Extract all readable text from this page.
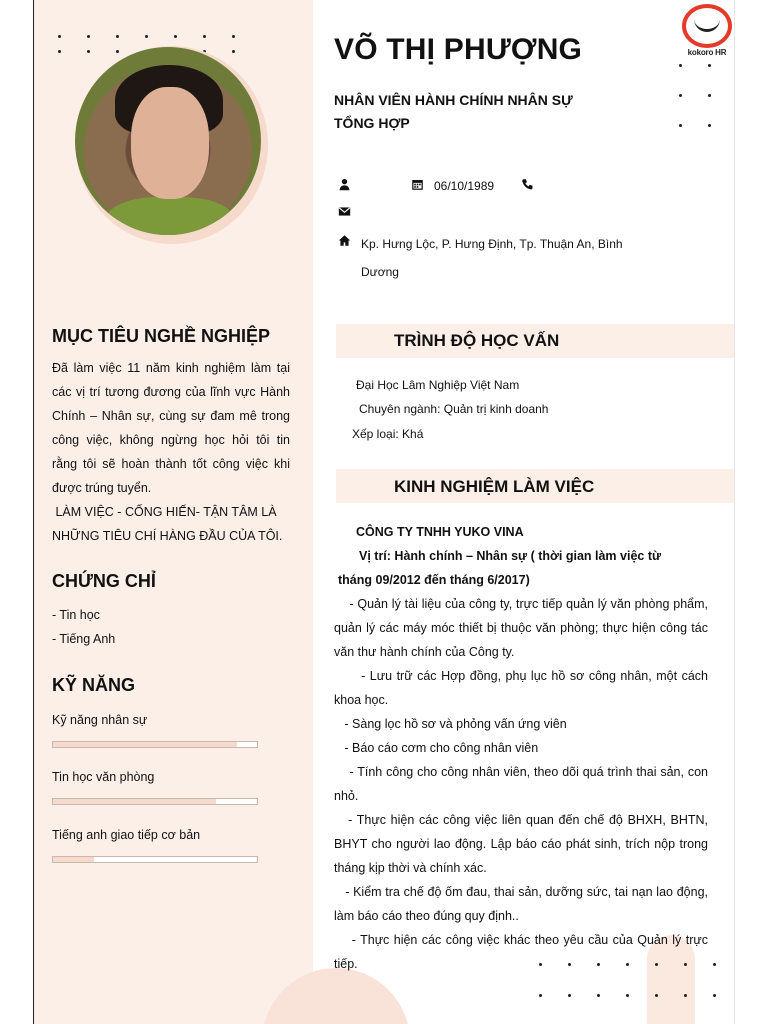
kokoro HR
VÕ THỊ PHƯỢNG
NHÂN VIÊN HÀNH CHÍNH NHÂN SỰ
TỔNG HỢP
06/10/1989
Kp. Hưng Lộc, P. Hưng Định, Tp. Thuận An, Bình
Dương
MỤC TIÊU NGHỀ NGHIỆP

Đã làm việc 11 năm kinh nghiệm làm tại các vị trí tương đương của lĩnh vực Hành Chính – Nhân sự, cùng sự đam mê trong công việc, không ngừng học hỏi tôi tin rằng tôi sẽ hoàn thành tốt công việc khi được trúng tuyển.

LÀM VIỆC - CỐNG HIẾN- TẬN TÂM LÀ NHỮNG TIÊU CHÍ HÀNG ĐẦU CỦA TÔI.

CHỨNG CHỈ
- Tin học
- Tiếng Anh
KỸ NĂNG
Kỹ năng nhân sự
Tin học văn phòng
Tiếng anh giao tiếp cơ bản
TRÌNH ĐỘ HỌC VẤN
Đại Học Lâm Nghiệp Việt Nam
Chuyên ngành: Quản trị kinh doanh
Xếp loại: Khá
KINH NGHIỆM LÀM VIỆC
CÔNG TY TNHH YUKO VINA
Vị trí: Hành chính – Nhân sự ( thời gian làm việc từ
tháng 09/2012 đến tháng 6/2017)
- Quản lý tài liệu của công ty, trực tiếp quản lý văn phòng phẩm, quản lý các máy móc thiết bị thuộc văn phòng; thực hiện công tác văn thư hành chính của Công ty.
- Lưu trữ các Hợp đồng, phụ lục hồ sơ công nhân, một cách khoa học.
- Sàng lọc hồ sơ và phỏng vấn ứng viên
- Báo cáo cơm cho công nhân viên
- Tính công cho công nhân viên, theo dõi quá trình thai sản, con nhỏ.
- Thực hiện các công việc liên quan đến chế độ BHXH, BHTN, BHYT cho người lao động. Lập báo cáo phát sinh, trích nộp trong tháng kịp thời và chính xác.
- Kiểm tra chế độ ốm đau, thai sản, dưỡng sức, tai nạn lao động, làm báo cáo theo đúng quy định..
- Thực hiện các công việc khác theo yêu cầu của Quản lý trực tiếp.
